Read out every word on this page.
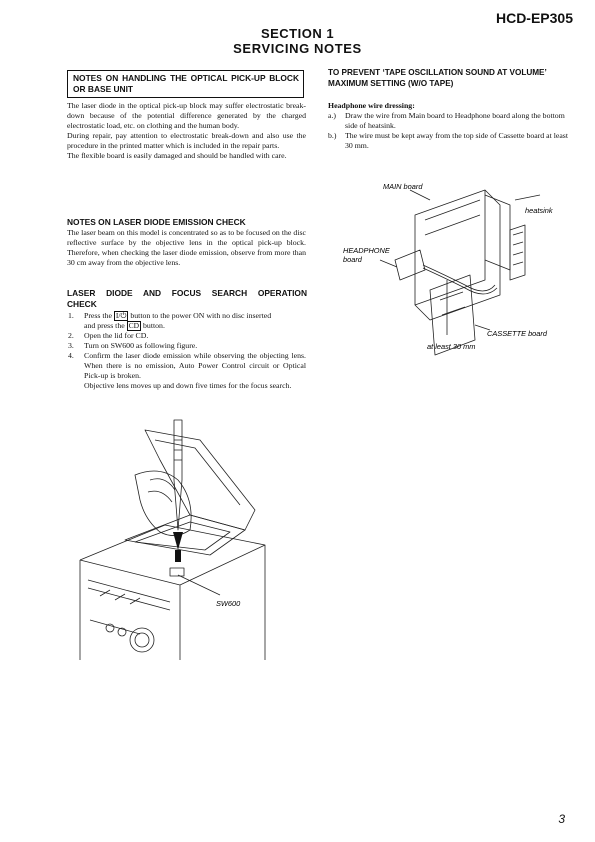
HCD-EP305
SECTION 1
SERVICING NOTES
NOTES ON HANDLING THE OPTICAL PICK-UP BLOCK OR BASE UNIT

The laser diode in the optical pick-up block may suffer electrostatic break-down because of the potential difference generated by the charged electrostatic load, etc. on clothing and the human body.

During repair, pay attention to electrostatic break-down and also use the procedure in the printed matter which is included in the repair parts.

The flexible board is easily damaged and should be handled with care.

NOTES ON LASER DIODE EMISSION CHECK
The laser beam on this model is concentrated so as to be focused on the disc reflective surface by the objective lens in the optical pick-up block. Therefore, when checking the laser diode emission, observe from more than 30 cm away from the objective lens.
LASER DIODE AND FOCUS SEARCH OPERATION
CHECK
1. Press the I/⏻ button to the power ON with no disc inserted
and press the CD button.
2. Open the lid for CD.
3. Turn on SW600 as following figure.
4. Confirm the laser diode emission while observing the objecting lens. When there is no emission, Auto Power Control circuit or Optical Pick-up is broken.
Objective lens moves up and down five times for the focus search.
SW600
TO PREVENT ‘TAPE OSCILLATION SOUND AT VOLUME’
MAXIMUM SETTING (W/O TAPE)
Headphone wire dressing:
a.) Draw the wire from Main board to Headphone board along the bottom side of heatsink.
b.) The wire must be kept away from the top side of Cassette board at least 30 mm.
MAIN board
heatsink
HEADPHONE
board
CASSETTE board
at least 30 mm
3
